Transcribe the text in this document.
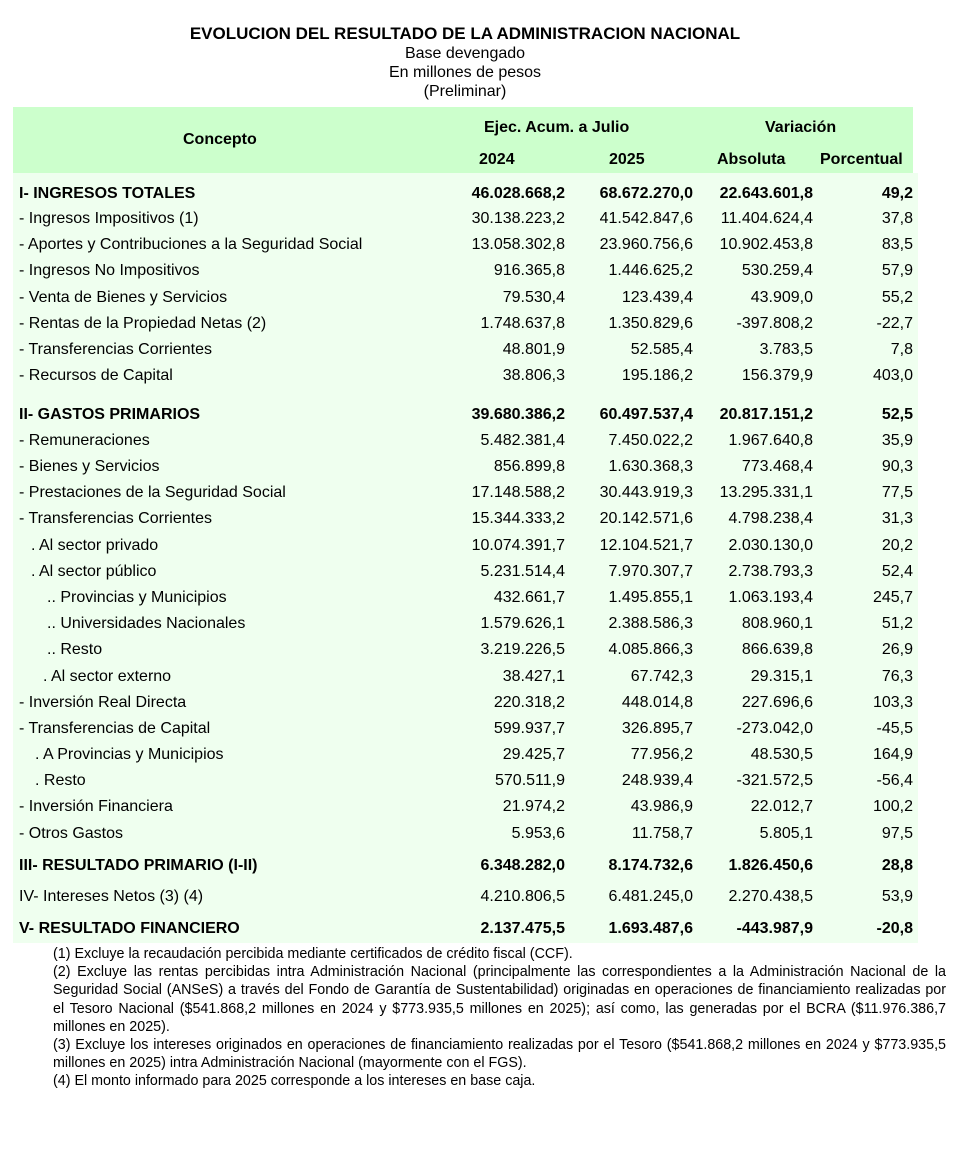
EVOLUCION DEL RESULTADO DE LA ADMINISTRACION NACIONAL
Base devengado
En millones de pesos
(Preliminar)
Concepto
Ejec. Acum. a Julio	Variación
2024	2025	Absoluta Porcentual
I- INGRESOS TOTALES	46.028.668,2 68.672.270,0 22.643.601,8	49,2
- Ingresos Impositivos (1)	30.138.223,2 41.542.847,6 11.404.624,4	37,8
- Aportes y Contribuciones a la Seguridad Social	13.058.302,8 23.960.756,6 10.902.453,8	83,5
- Ingresos No Impositivos	916.365,8	1.446.625,2	530.259,4	57,9
- Venta de Bienes y Servicios	79.530,4	123.439,4	43.909,0	55,2
- Rentas de la Propiedad Netas (2)	1.748.637,8	1.350.829,6	-397.808,2	-22,7
- Transferencias Corrientes	48.801,9	52.585,4	3.783,5	7,8
- Recursos de Capital	38.806,3	195.186,2	156.379,9	403,0
II- GASTOS PRIMARIOS	39.680.386,2 60.497.537,4 20.817.151,2	52,5
- Remuneraciones	5.482.381,4	7.450.022,2 1.967.640,8	35,9
- Bienes y Servicios	856.899,8	1.630.368,3	773.468,4	90,3
- Prestaciones de la Seguridad Social	17.148.588,2 30.443.919,3 13.295.331,1	77,5
- Transferencias Corrientes	15.344.333,2 20.142.571,6 4.798.238,4	31,3
. Al sector privado	10.074.391,7 12.104.521,7 2.030.130,0	20,2
. Al sector público	5.231.514,4	7.970.307,7 2.738.793,3	52,4
.. Provincias y Municipios	432.661,7	1.495.855,1 1.063.193,4	245,7
.. Universidades Nacionales	1.579.626,1	2.388.586,3	808.960,1	51,2
.. Resto	3.219.226,5	4.085.866,3	866.639,8	26,9
. Al sector externo	38.427,1	67.742,3	29.315,1	76,3
- Inversión Real Directa	220.318,2	448.014,8	227.696,6	103,3
- Transferencias de Capital	599.937,7	326.895,7	-273.042,0	-45,5
. A Provincias y Municipios	29.425,7	77.956,2	48.530,5	164,9
. Resto	570.511,9	248.939,4	-321.572,5	-56,4
- Inversión Financiera	21.974,2	43.986,9	22.012,7	100,2
- Otros Gastos	5.953,6	11.758,7	5.805,1	97,5
III- RESULTADO PRIMARIO (I-II)	6.348.282,0	8.174.732,6 1.826.450,6	28,8
IV- Intereses Netos (3) (4)	4.210.806,5	6.481.245,0 2.270.438,5	53,9
V- RESULTADO FINANCIERO	2.137.475,5	1.693.487,6	-443.987,9	-20,8

(1) Excluye la recaudación percibida mediante certificados de crédito fiscal (CCF).

(2) Excluye las rentas percibidas intra Administración Nacional (principalmente las correspondientes a la Administración Nacional de la Seguridad Social (ANSeS) a través del Fondo de Garantía de Sustentabilidad) originadas en operaciones de financiamiento realizadas por el Tesoro Nacional ($541.868,2 millones en 2024 y $773.935,5 millones en 2025); así como, las generadas por el BCRA ($11.976.386,7 millones en 2025).

(3) Excluye los intereses originados en operaciones de financiamiento realizadas por el Tesoro ($541.868,2 millones en 2024 y $773.935,5 millones en 2025) intra Administración Nacional (mayormente con el FGS).

(4) El monto informado para 2025 corresponde a los intereses en base caja.
